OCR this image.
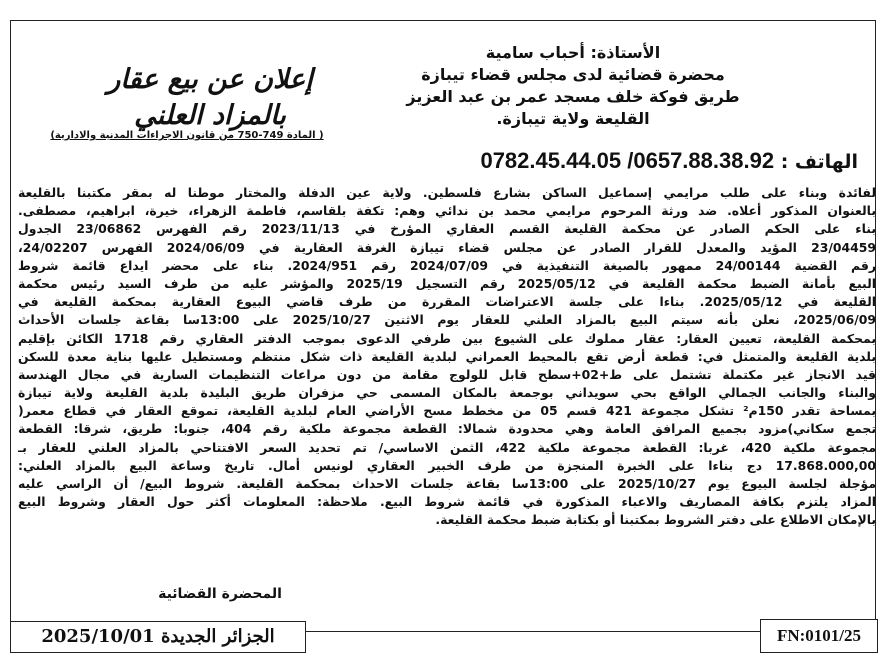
الأستاذة: أحباب سامية
محضرة قضائية لدى مجلس قضاء تيبازة
طريق فوكة خلف مسجد عمر بن عبد العزيز
القليعة ولاية تيبازة.
الهاتف : 0782.45.44.05 /0657.88.38.92
إعلان عن بيع عقار
بالمزاد العلني
( المادة 749-750 من قانون الاجراءات المدنية والادارية)
لفائدة وبناء على طلب مرايمي إسماعيل الساكن بشارع فلسطين. ولاية عين الدفلة والمختار موطنا له بمقر مكتبنا بالقليعة
بالعنوان المذكور أعلاه. ضد ورثة المرحوم مرايمي محمد بن ندائي وهم: تكفة بلقاسم، فاطمة الزهراء، خيرة، ابراهيم، مصطفى.
بناء على الحكم الصادر عن محكمة القليعة القسم العقاري المؤرخ في 2023/11/13 رقم الفهرس 23/06862 الجدول
23/04459 المؤيد والمعدل للقرار الصادر عن مجلس قضاء تيبازة الغرفة العقارية في 2024/06/09 الفهرس 24/02207،
رقم القضية 24/00144 ممهور بالصيغة التنفيذية في 2024/07/09 رقم 2024/951. بناء على محضر ايداع قائمة شروط
البيع بأمانة الضبط محكمة القليعة في 2025/05/12 رقم التسجيل 2025/19 والمؤشر عليه من طرف السيد رئيس محكمة
القليعة في 2025/05/12. بناءا على جلسة الاعتراضات المقررة من طرف قاضي البيوع العقارية بمحكمة القليعة في
2025/06/09، نعلن بأنه سيتم البيع بالمزاد العلني للعقار يوم الاثنين 2025/10/27 على 13:00سا بقاعة جلسات الأحداث
بمحكمة القليعة، تعيين العقار: عقار مملوك على الشيوع بين طرفي الدعوى بموجب الدفتر العقاري رقم 1718 الكائن بإقليم
بلدية القليعة والمتمثل في: قطعة أرض تقع بالمحيط العمراني لبلدية القليعة ذات شكل منتظم ومستطيل عليها بناية معدة للسكن
قيد الانجاز غير مكتملة تشتمل على ط+02+سطح قابل للولوج مقامة من دون مراعات التنظيمات السارية في مجال الهندسة
والبناء والجانب الجمالي الواقع بحي سويداني بوجمعة بالمكان المسمى حي مزفران طريق البليدة بلدية القليعة ولاية تيبازة
بمساحة تقدر 150م² تشكل مجموعة 421 قسم 05 من مخطط مسح الأراضي العام لبلدية القليعة، تموقع العقار في قطاع معمر(
تجمع سكاني)مزود بجميع المرافق العامة وهي محدودة شمالا: القطعة مجموعة ملكية رقم 404، جنوبا: طريق، شرقا: القطعة
مجموعة ملكية 420، غربا: القطعة مجموعة ملكية 422، الثمن الاساسي/ تم تحديد السعر الافتتاحي بالمزاد العلني للعقار بـ
17.868.000,00 دج بناءا على الخبرة المنجزة من طرف الخبير العقاري لونيس أمال. تاريخ وساعة البيع بالمزاد العلني:
مؤجلة لجلسة البيوع يوم 2025/10/27 على 13:00سا بقاعة جلسات الاحداث بمحكمة القليعة. شروط البيع/ أن الراسي عليه
المزاد يلتزم بكافة المصاريف والاعباء المذكورة في قائمة شروط البيع. ملاحظة: المعلومات أكثر حول العقار وشروط البيع
بالإمكان الاطلاع على دفتر الشروط بمكتبنا أو بكتابة ضبط محكمة القليعة.
المحضرة القضائية
الجزائر الجديدة 2025/10/01	FN:0101/25
